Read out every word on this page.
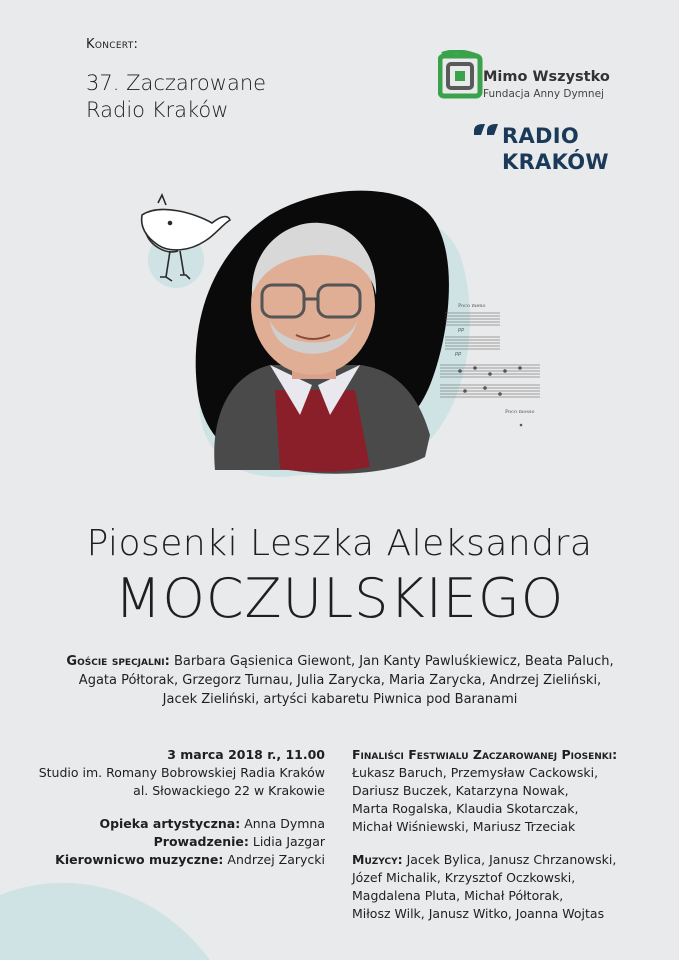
Koncert:
37. Zaczarowane
Radio Kraków
Mimo Wszystko
Fundacja Anny Dymnej
RADIO
KRAKÓW
Poco meno
pp
pp
Poco mosso
Piosenki Leszka Aleksandra
MOCZULSKIEGO
Goście specjalni: Barbara Gąsienica Giewont, Jan Kanty Pawluśkiewicz, Beata Paluch, Agata Półtorak, Grzegorz Turnau, Julia Zarycka, Maria Zarycka, Andrzej Zieliński, Jacek Zieliński, artyści kabaretu Piwnica pod Baranami
3 marca 2018 r., 11.00
Studio im. Romany Bobrowskiej Radia Kraków
al. Słowackiego 22 w Krakowie
Opieka artystyczna: Anna Dymna
Prowadzenie: Lidia Jazgar
Kierownicwo muzyczne: Andrzej Zarycki
Finaliści Festwialu Zaczarowanej Piosenki:
Łukasz Baruch, Przemysław Cackowski,
Dariusz Buczek, Katarzyna Nowak,
Marta Rogalska, Klaudia Skotarczak,
Michał Wiśniewski, Mariusz Trzeciak
Muzycy: Jacek Bylica, Janusz Chrzanowski,
Józef Michalik, Krzysztof Oczkowski,
Magdalena Pluta, Michał Półtorak,
Miłosz Wilk, Janusz Witko, Joanna Wojtas
